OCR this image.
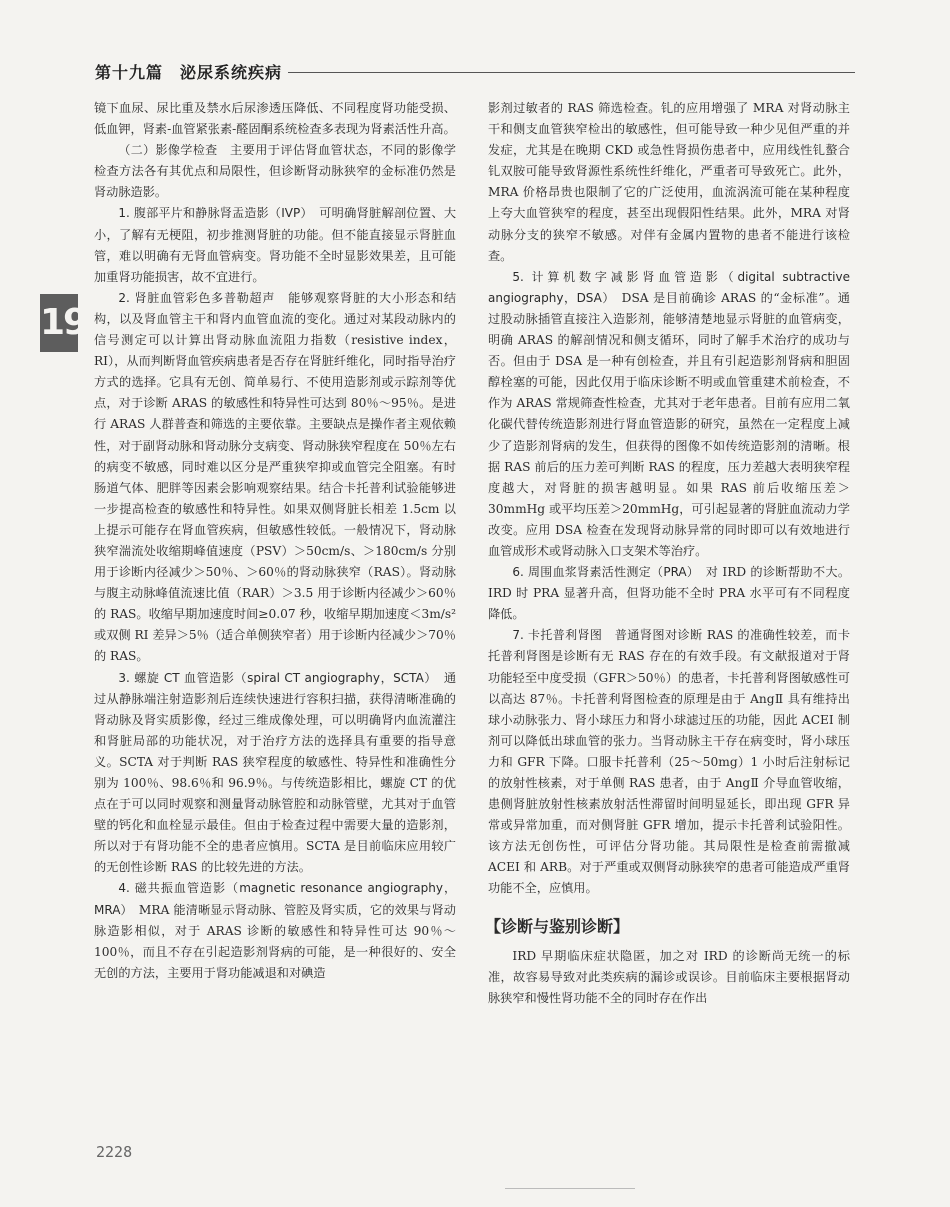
第十九篇　泌尿系统疾病
19

镜下血尿、尿比重及禁水后尿渗透压降低、不同程度肾功能受损、低血钾，肾素-血管紧张素-醛固酮系统检查多表现为肾素活性升高。

（二）影像学检查　主要用于评估肾血管状态，不同的影像学检查方法各有其优点和局限性，但诊断肾动脉狭窄的金标准仍然是肾动脉造影。

1. 腹部平片和静脉肾盂造影（IVP）　可明确肾脏解剖位置、大小，了解有无梗阻，初步推测肾脏的功能。但不能直接显示肾脏血管，难以明确有无肾血管病变。肾功能不全时显影效果差，且可能加重肾功能损害，故不宜进行。

2. 肾脏血管彩色多普勒超声　能够观察肾脏的大小形态和结构，以及肾血管主干和肾内血管血流的变化。通过对某段动脉内的信号测定可以计算出肾动脉血流阻力指数（resistive index，RI），从而判断肾血管疾病患者是否存在肾脏纤维化，同时指导治疗方式的选择。它具有无创、简单易行、不使用造影剂或示踪剂等优点，对于诊断 ARAS 的敏感性和特异性可达到 80％～95％。是进行 ARAS 人群普查和筛选的主要依靠。主要缺点是操作者主观依赖性，对于副肾动脉和肾动脉分支病变、肾动脉狭窄程度在 50％左右的病变不敏感，同时难以区分是严重狭窄抑或血管完全阻塞。有时肠道气体、肥胖等因素会影响观察结果。结合卡托普利试验能够进一步提高检查的敏感性和特异性。如果双侧肾脏长相差 1.5cm 以上提示可能存在肾血管疾病，但敏感性较低。一般情况下，肾动脉狭窄湍流处收缩期峰值速度（PSV）＞50cm/s、＞180cm/s 分别用于诊断内径减少＞50％、＞60％的肾动脉狭窄（RAS）。肾动脉与腹主动脉峰值流速比值（RAR）＞3.5 用于诊断内径减少＞60％的 RAS。收缩早期加速度时间≥0.07 秒，收缩早期加速度＜3m/s² 或双侧 RI 差异＞5％（适合单侧狭窄者）用于诊断内径减少＞70％的 RAS。

3. 螺旋 CT 血管造影（spiral CT angiography，SCTA）　通过从静脉端注射造影剂后连续快速进行容积扫描，获得清晰准确的肾动脉及肾实质影像，经过三维成像处理，可以明确肾内血流灌注和肾脏局部的功能状况，对于治疗方法的选择具有重要的指导意义。SCTA 对于判断 RAS 狭窄程度的敏感性、特异性和准确性分别为 100％、98.6％和 96.9％。与传统造影相比，螺旋 CT 的优点在于可以同时观察和测量肾动脉管腔和动脉管壁，尤其对于血管壁的钙化和血栓显示最佳。但由于检查过程中需要大量的造影剂，所以对于有肾功能不全的患者应慎用。SCTA 是目前临床应用较广的无创性诊断 RAS 的比较先进的方法。

4. 磁共振血管造影（magnetic resonance angiography，MRA）　MRA 能清晰显示肾动脉、管腔及肾实质，它的效果与肾动脉造影相似，对于 ARAS 诊断的敏感性和特异性可达 90％～100％，而且不存在引起造影剂肾病的可能，是一种很好的、安全无创的方法，主要用于肾功能减退和对碘造

影剂过敏者的 RAS 筛选检查。钆的应用增强了 MRA 对肾动脉主干和侧支血管狭窄检出的敏感性，但可能导致一种少见但严重的并发症，尤其是在晚期 CKD 或急性肾损伤患者中，应用线性钆螯合钆双胺可能导致肾源性系统性纤维化，严重者可导致死亡。此外，MRA 价格昂贵也限制了它的广泛使用，血流涡流可能在某种程度上夸大血管狭窄的程度，甚至出现假阳性结果。此外，MRA 对肾动脉分支的狭窄不敏感。对伴有金属内置物的患者不能进行该检查。

5. 计算机数字减影肾血管造影（digital subtractive angiography，DSA）　DSA 是目前确诊 ARAS 的“金标准”。通过股动脉插管直接注入造影剂，能够清楚地显示肾脏的血管病变，明确 ARAS 的解剖情况和侧支循环，同时了解手术治疗的成功与否。但由于 DSA 是一种有创检查，并且有引起造影剂肾病和胆固醇栓塞的可能，因此仅用于临床诊断不明或血管重建术前检查，不作为 ARAS 常规筛查性检查，尤其对于老年患者。目前有应用二氧化碳代替传统造影剂进行肾血管造影的研究，虽然在一定程度上减少了造影剂肾病的发生，但获得的图像不如传统造影剂的清晰。根据 RAS 前后的压力差可判断 RAS 的程度，压力差越大表明狭窄程度越大，对肾脏的损害越明显。如果 RAS 前后收缩压差＞30mmHg 或平均压差＞20mmHg，可引起显著的肾脏血流动力学改变。应用 DSA 检查在发现肾动脉异常的同时即可以有效地进行血管成形术或肾动脉入口支架术等治疗。

6. 周围血浆肾素活性测定（PRA）　对 IRD 的诊断帮助不大。IRD 时 PRA 显著升高，但肾功能不全时 PRA 水平可有不同程度降低。

7. 卡托普利肾图　普通肾图对诊断 RAS 的准确性较差，而卡托普利肾图是诊断有无 RAS 存在的有效手段。有文献报道对于肾功能轻至中度受损（GFR＞50％）的患者，卡托普利肾图敏感性可以高达 87％。卡托普利肾图检查的原理是由于 AngⅡ 具有维持出球小动脉张力、肾小球压力和肾小球滤过压的功能，因此 ACEI 制剂可以降低出球血管的张力。当肾动脉主干存在病变时，肾小球压力和 GFR 下降。口服卡托普利（25～50mg）1 小时后注射标记的放射性核素，对于单侧 RAS 患者，由于 AngⅡ 介导血管收缩，患侧肾脏放射性核素放射活性滞留时间明显延长，即出现 GFR 异常或异常加重，而对侧肾脏 GFR 增加，提示卡托普利试验阳性。该方法无创伤性，可评估分肾功能。其局限性是检查前需撤减 ACEI 和 ARB。对于严重或双侧肾动脉狭窄的患者可能造成严重肾功能不全，应慎用。

【诊断与鉴别诊断】

IRD 早期临床症状隐匿，加之对 IRD 的诊断尚无统一的标准，故容易导致对此类疾病的漏诊或误诊。目前临床主要根据肾动脉狭窄和慢性肾功能不全的同时存在作出

2228
